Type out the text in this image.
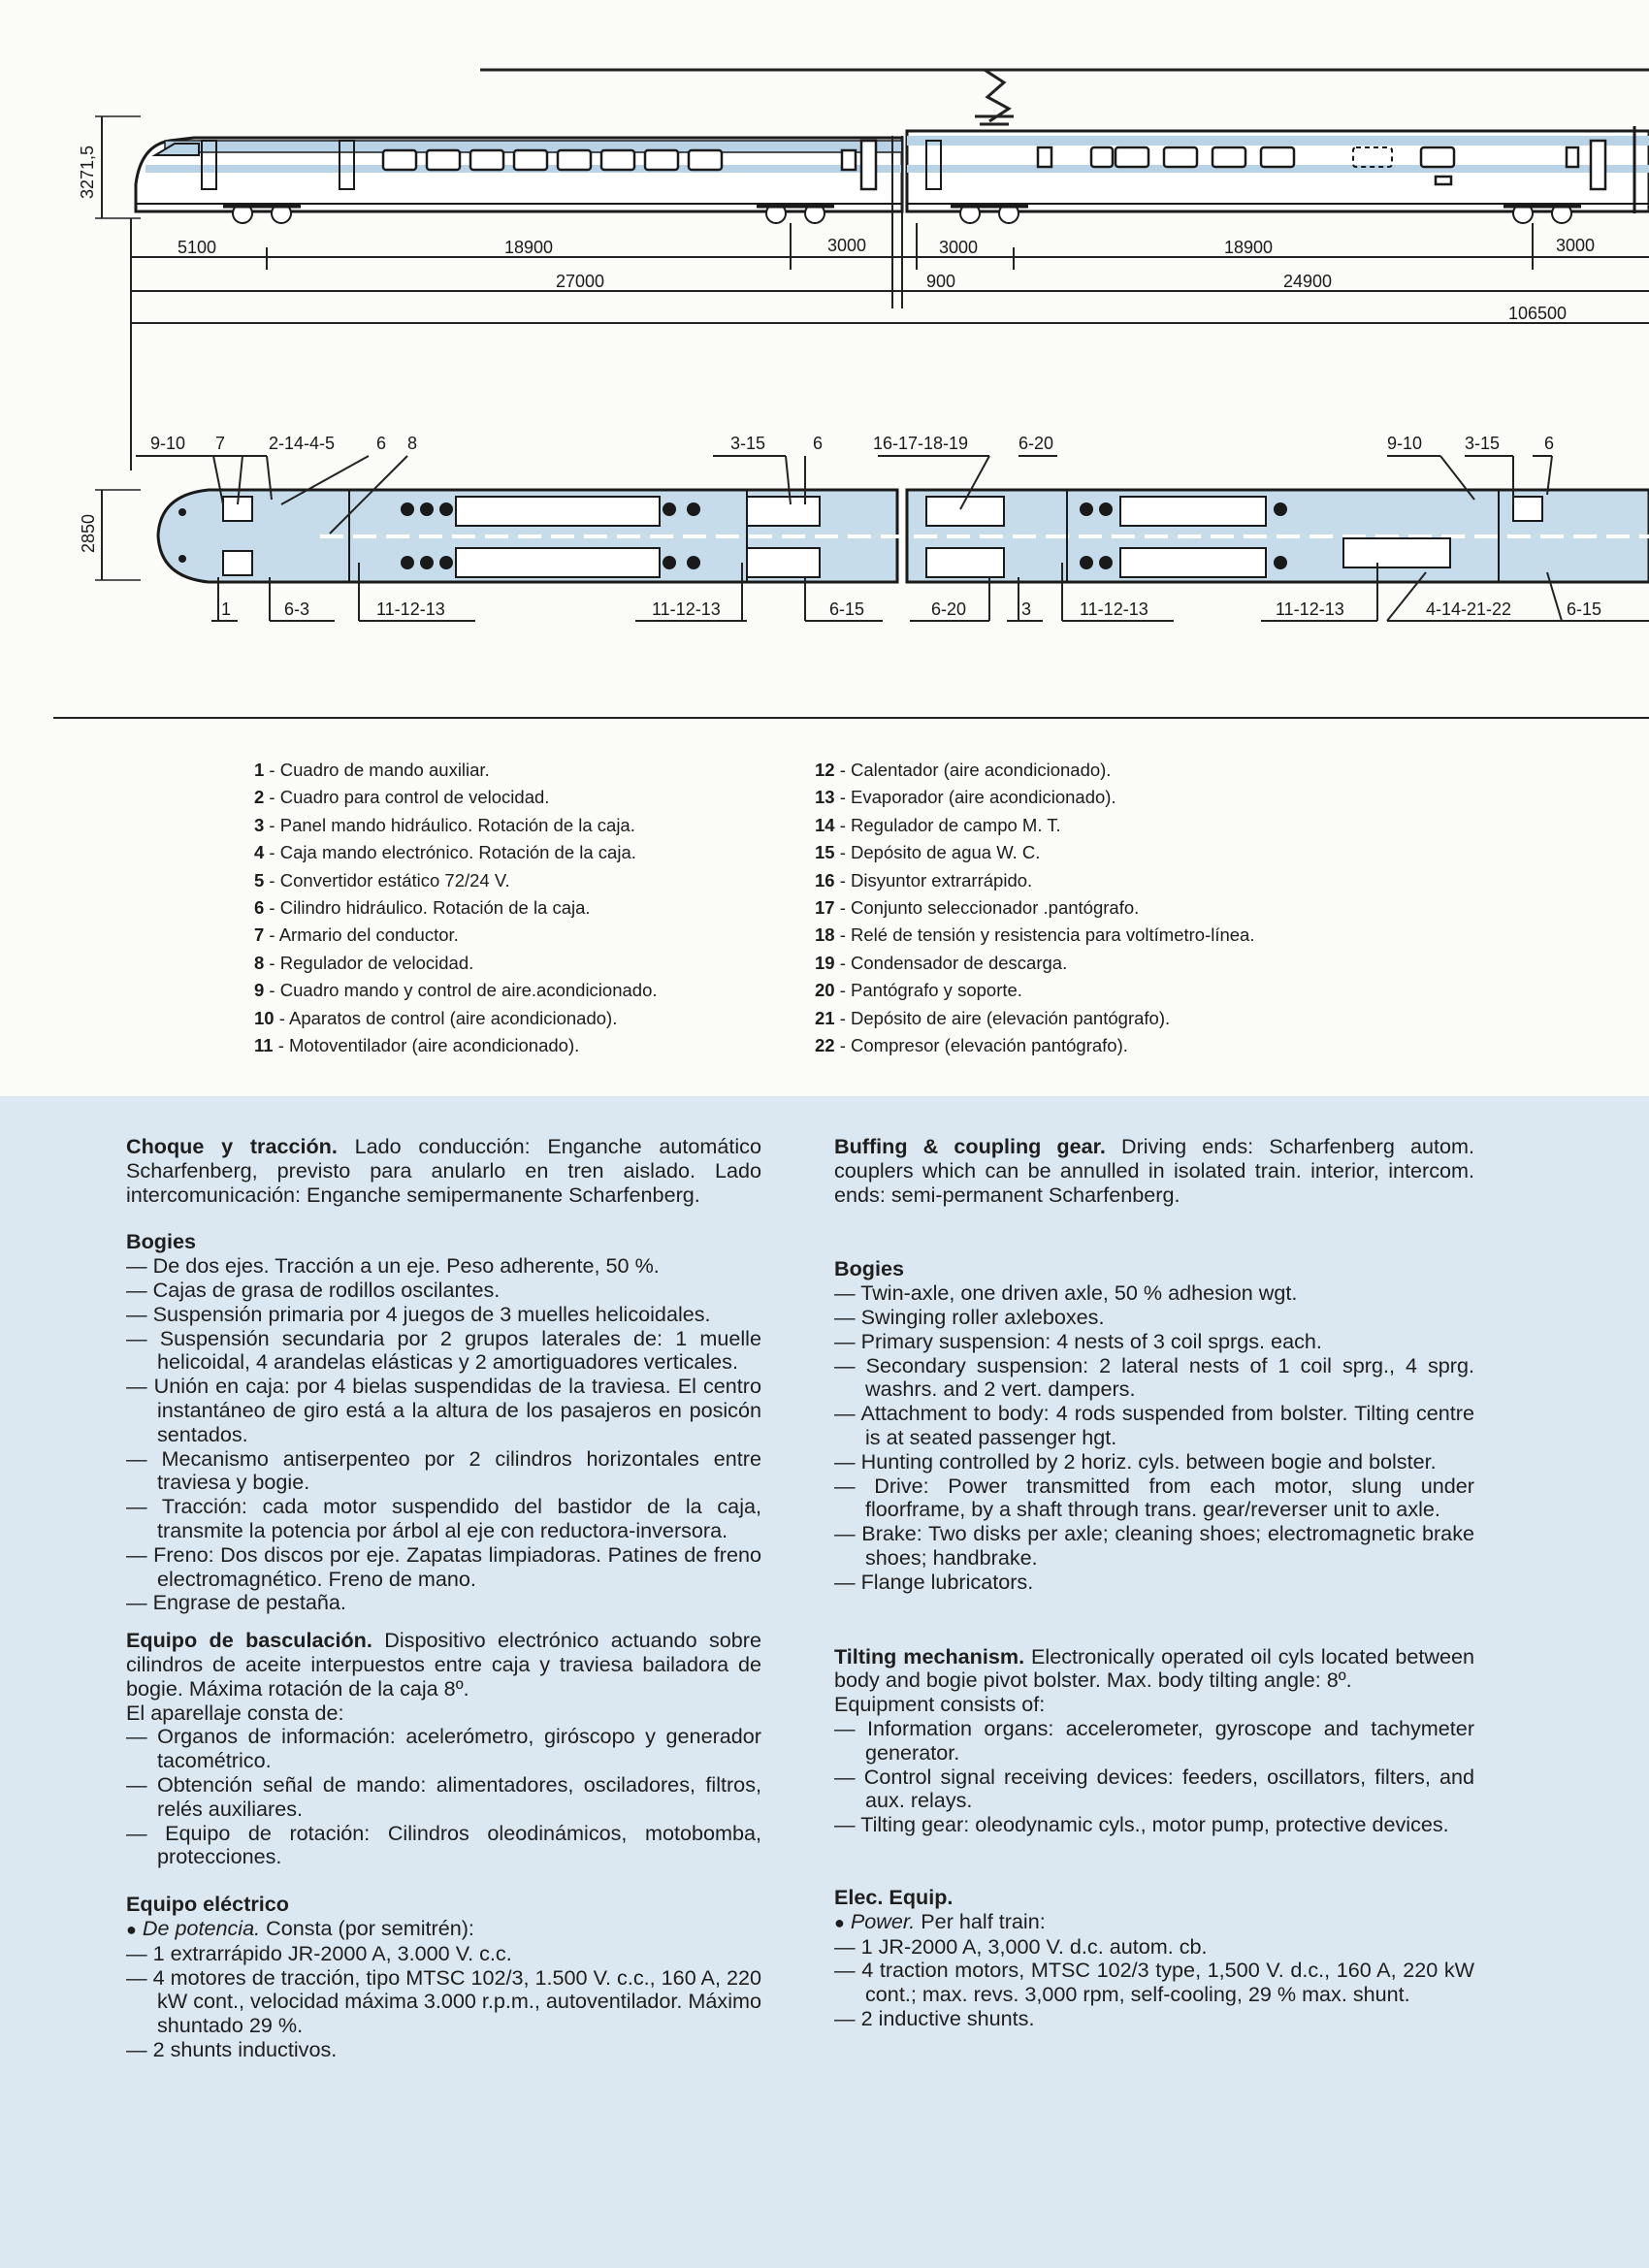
3271,5
5100	18900	3000	3000	18900	3000
27000	900	24900
106500
2850
9-10 7 2-14-4-5 6 8	3-15	6	16-17-18-19	6-20	9-10 3-15	6
1	6-3	11-12-13	11-12-13	6-15	6-20	3	11-12-13	11-12-13	4-14-21-22	6-15
1 - Cuadro de mando auxiliar.
2 - Cuadro para control de velocidad.
3 - Panel mando hidráulico. Rotación de la caja.
4 - Caja mando electrónico. Rotación de la caja.
5 - Convertidor estático 72/24 V.
6 - Cilindro hidráulico. Rotación de la caja.
7 - Armario del conductor.
8 - Regulador de velocidad.
9 - Cuadro mando y control de aire.acondicionado.
10 - Aparatos de control (aire acondicionado).
11 - Motoventilador (aire acondicionado).
12 - Calentador (aire acondicionado).
13 - Evaporador (aire acondicionado).
14 - Regulador de campo M. T.
15 - Depósito de agua W. C.
16 - Disyuntor extrarrápido.
17 - Conjunto seleccionador .pantógrafo.
18 - Relé de tensión y resistencia para voltímetro-línea.
19 - Condensador de descarga.
20 - Pantógrafo y soporte.
21 - Depósito de aire (elevación pantógrafo).
22 - Compresor (elevación pantógrafo).

Choque y tracción. Lado conducción: Enganche automático Scharfenberg, previsto para anularlo en tren aislado. Lado intercomunicación: Enganche semipermanente Scharfenberg.

Bogies

— De dos ejes. Tracción a un eje. Peso adherente, 50 %.

— Cajas de grasa de rodillos oscilantes.

— Suspensión primaria por 4 juegos de 3 muelles helicoidales.

— Suspensión secundaria por 2 grupos laterales de: 1 muelle helicoidal, 4 arandelas elásticas y 2 amortiguadores verticales.

— Unión en caja: por 4 bielas suspendidas de la traviesa. El centro instantáneo de giro está a la altura de los pasajeros en posicón sentados.

— Mecanismo antiserpenteo por 2 cilindros horizontales entre traviesa y bogie.

— Tracción: cada motor suspendido del bastidor de la caja, transmite la potencia por árbol al eje con reductora-inversora.

— Freno: Dos discos por eje. Zapatas limpiadoras. Patines de freno electromagnético. Freno de mano.

— Engrase de pestaña.

Equipo de basculación. Dispositivo electrónico actuando sobre cilindros de aceite interpuestos entre caja y traviesa bailadora de bogie. Máxima rotación de la caja 8º.

El aparellaje consta de:

— Organos de información: acelerómetro, giróscopo y generador tacométrico.

— Obtención señal de mando: alimentadores, osciladores, filtros, relés auxiliares.

— Equipo de rotación: Cilindros oleodinámicos, motobomba, protecciones.

Equipo eléctrico

● De potencia. Consta (por semitrén):

— 1 extrarrápido JR-2000 A, 3.000 V. c.c.

— 4 motores de tracción, tipo MTSC 102/3, 1.500 V. c.c., 160 A, 220 kW cont., velocidad máxima 3.000 r.p.m., autoventilador. Máximo shuntado 29 %.

— 2 shunts inductivos.

Buffing & coupling gear. Driving ends: Scharfenberg autom. couplers which can be annulled in isolated train. interior, intercom. ends: semi-permanent Scharfenberg.

Bogies

— Twin-axle, one driven axle, 50 % adhesion wgt.

— Swinging roller axleboxes.

— Primary suspension: 4 nests of 3 coil sprgs. each.

— Secondary suspension: 2 lateral nests of 1 coil sprg., 4 sprg. washrs. and 2 vert. dampers.

— Attachment to body: 4 rods suspended from bolster. Tilting centre is at seated passenger hgt.

— Hunting controlled by 2 horiz. cyls. between bogie and bolster.

— Drive: Power transmitted from each motor, slung under floorframe, by a shaft through trans. gear/reverser unit to axle.

— Brake: Two disks per axle; cleaning shoes; electromagnetic brake shoes; handbrake.

— Flange lubricators.

Tilting mechanism. Electronically operated oil cyls located between body and bogie pivot bolster. Max. body tilting angle: 8º.

Equipment consists of:

— Information organs: accelerometer, gyroscope and tachymeter generator.

— Control signal receiving devices: feeders, oscillators, filters, and aux. relays.

— Tilting gear: oleodynamic cyls., motor pump, protective devices.

Elec. Equip.

● Power. Per half train:

— 1 JR-2000 A, 3,000 V. d.c. autom. cb.

— 4 traction motors, MTSC 102/3 type, 1,500 V. d.c., 160 A, 220 kW cont.; max. revs. 3,000 rpm, self-cooling, 29 % max. shunt.

— 2 inductive shunts.
